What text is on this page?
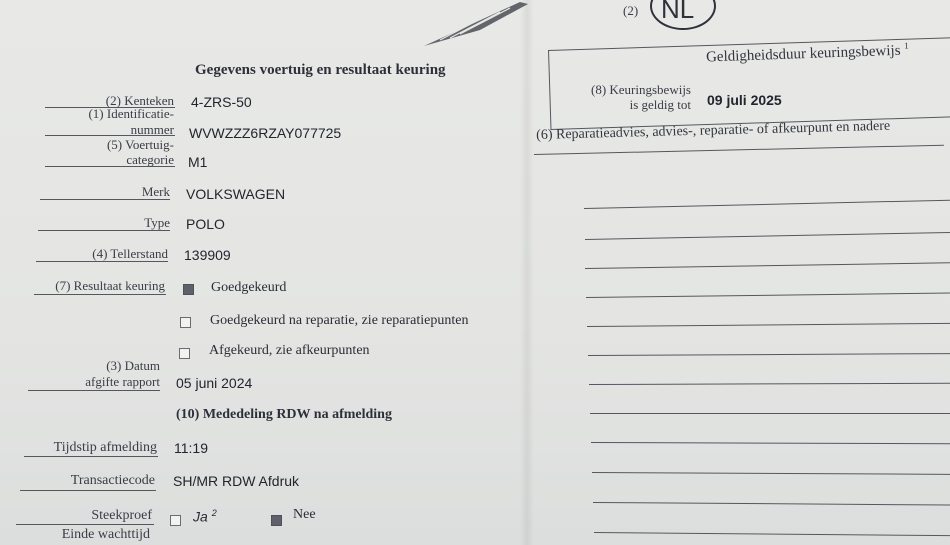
(2) NL
Gegevens voertuig en resultaat keuring
(2) Kenteken 4-ZRS-50
(1) Identificatie-
nummer WVWZZZ6RZAY077725
(5) Voertuig-
categorie M1
Merk VOLKSWAGEN
Type POLO
(4) Tellerstand 139909
(7) Resultaat keuring	Goedgekeurd
Goedgekeurd na reparatie, zie reparatiepunten
Afgekeurd, zie afkeurpunten
(3) Datum
afgifte rapport 05 juni 2024
(10) Mededeling RDW na afmelding
Tijdstip afmelding 11:19
Transactiecode SH/MR RDW Afdruk
Steekproef	Ja $^2$	Nee
Einde wachttijd
Geldigheidsduur keuringsbewijs $^1$
(8) Keuringsbewijs
is geldig tot 09 juli 2025
(6) Reparatieadvies, advies-, reparatie- of afkeurpunt en nadere
